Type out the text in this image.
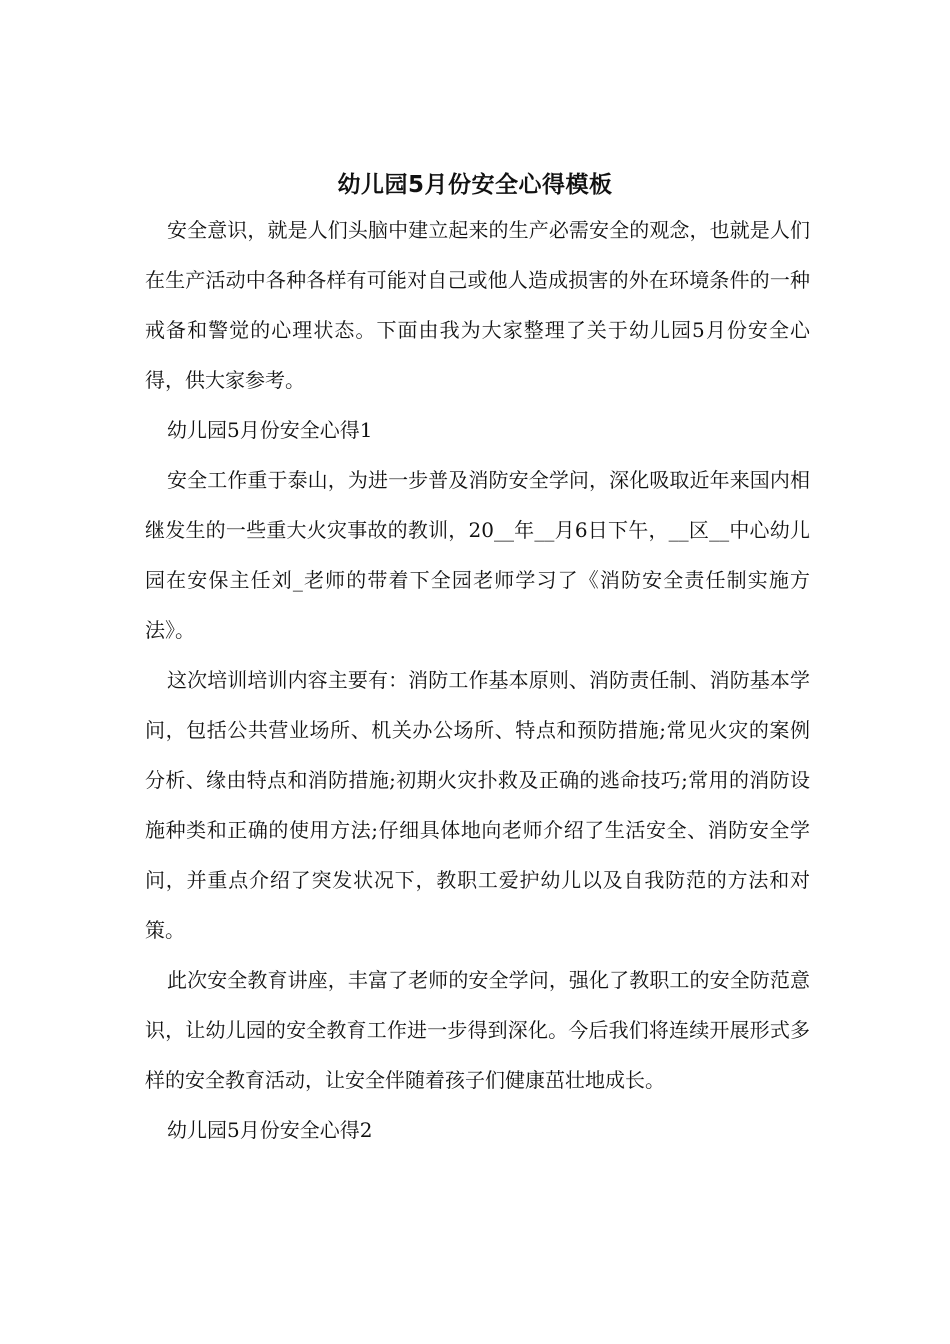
幼儿园5月份安全心得模板

安全意识，就是人们头脑中建立起来的生产必需安全的观念，也就是人们在生产活动中各种各样有可能对自己或他人造成损害的外在环境条件的一种戒备和警觉的心理状态。下面由我为大家整理了关于幼儿园5月份安全心得，供大家参考。

幼儿园5月份安全心得1

安全工作重于泰山，为进一步普及消防安全学问，深化吸取近年来国内相继发生的一些重大火灾事故的教训，20__年__月6日下午，__区__中心幼儿园在安保主任刘_老师的带着下全园老师学习了《消防安全责任制实施方法》。

这次培训培训内容主要有：消防工作基本原则、消防责任制、消防基本学问，包括公共营业场所、机关办公场所、特点和预防措施;常见火灾的案例分析、缘由特点和消防措施;初期火灾扑救及正确的逃命技巧;常用的消防设施种类和正确的使用方法;仔细具体地向老师介绍了生活安全、消防安全学问，并重点介绍了突发状况下，教职工爱护幼儿以及自我防范的方法和对策。

此次安全教育讲座，丰富了老师的安全学问，强化了教职工的安全防范意识，让幼儿园的安全教育工作进一步得到深化。今后我们将连续开展形式多样的安全教育活动，让安全伴随着孩子们健康茁壮地成长。

幼儿园5月份安全心得2
